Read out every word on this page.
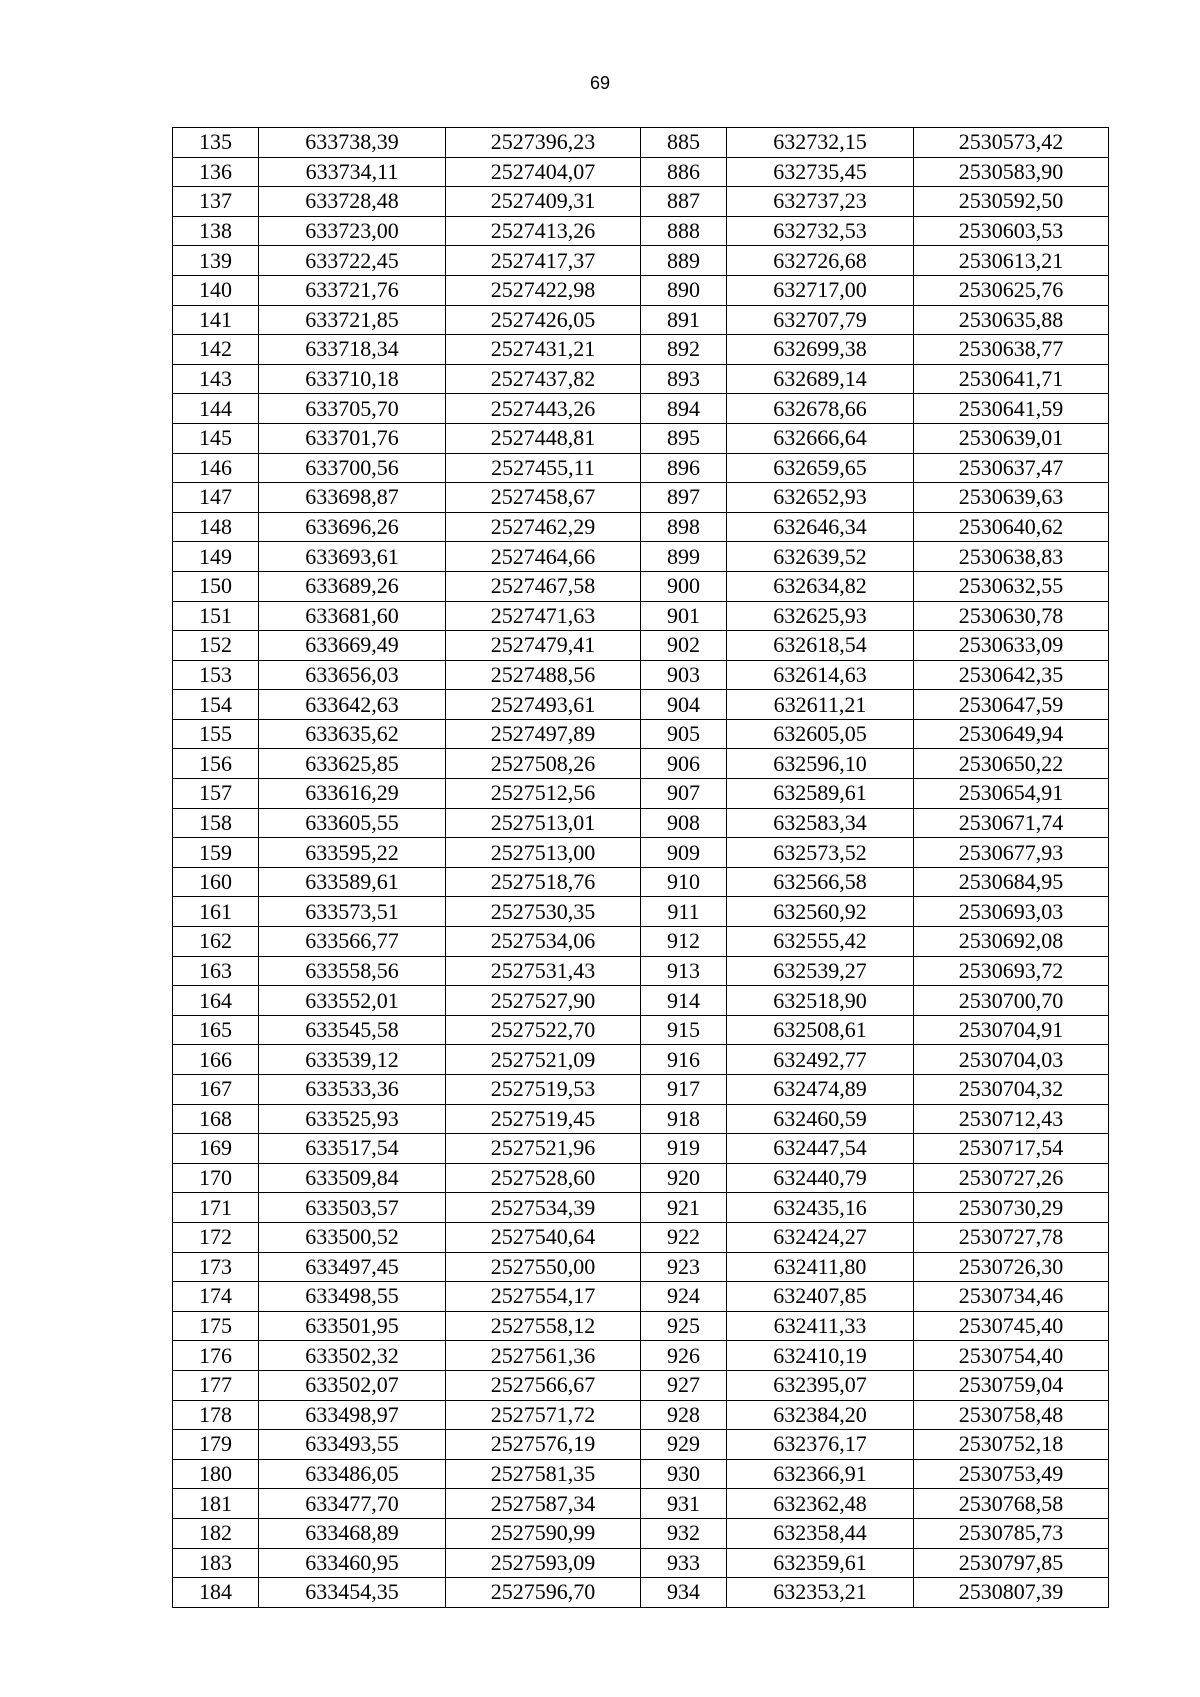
69
135	633738,39	2527396,23	885	632732,15	2530573,42
136	633734,11	2527404,07	886	632735,45	2530583,90
137	633728,48	2527409,31	887	632737,23	2530592,50
138	633723,00	2527413,26	888	632732,53	2530603,53
139	633722,45	2527417,37	889	632726,68	2530613,21
140	633721,76	2527422,98	890	632717,00	2530625,76
141	633721,85	2527426,05	891	632707,79	2530635,88
142	633718,34	2527431,21	892	632699,38	2530638,77
143	633710,18	2527437,82	893	632689,14	2530641,71
144	633705,70	2527443,26	894	632678,66	2530641,59
145	633701,76	2527448,81	895	632666,64	2530639,01
146	633700,56	2527455,11	896	632659,65	2530637,47
147	633698,87	2527458,67	897	632652,93	2530639,63
148	633696,26	2527462,29	898	632646,34	2530640,62
149	633693,61	2527464,66	899	632639,52	2530638,83
150	633689,26	2527467,58	900	632634,82	2530632,55
151	633681,60	2527471,63	901	632625,93	2530630,78
152	633669,49	2527479,41	902	632618,54	2530633,09
153	633656,03	2527488,56	903	632614,63	2530642,35
154	633642,63	2527493,61	904	632611,21	2530647,59
155	633635,62	2527497,89	905	632605,05	2530649,94
156	633625,85	2527508,26	906	632596,10	2530650,22
157	633616,29	2527512,56	907	632589,61	2530654,91
158	633605,55	2527513,01	908	632583,34	2530671,74
159	633595,22	2527513,00	909	632573,52	2530677,93
160	633589,61	2527518,76	910	632566,58	2530684,95
161	633573,51	2527530,35	911	632560,92	2530693,03
162	633566,77	2527534,06	912	632555,42	2530692,08
163	633558,56	2527531,43	913	632539,27	2530693,72
164	633552,01	2527527,90	914	632518,90	2530700,70
165	633545,58	2527522,70	915	632508,61	2530704,91
166	633539,12	2527521,09	916	632492,77	2530704,03
167	633533,36	2527519,53	917	632474,89	2530704,32
168	633525,93	2527519,45	918	632460,59	2530712,43
169	633517,54	2527521,96	919	632447,54	2530717,54
170	633509,84	2527528,60	920	632440,79	2530727,26
171	633503,57	2527534,39	921	632435,16	2530730,29
172	633500,52	2527540,64	922	632424,27	2530727,78
173	633497,45	2527550,00	923	632411,80	2530726,30
174	633498,55	2527554,17	924	632407,85	2530734,46
175	633501,95	2527558,12	925	632411,33	2530745,40
176	633502,32	2527561,36	926	632410,19	2530754,40
177	633502,07	2527566,67	927	632395,07	2530759,04
178	633498,97	2527571,72	928	632384,20	2530758,48
179	633493,55	2527576,19	929	632376,17	2530752,18
180	633486,05	2527581,35	930	632366,91	2530753,49
181	633477,70	2527587,34	931	632362,48	2530768,58
182	633468,89	2527590,99	932	632358,44	2530785,73
183	633460,95	2527593,09	933	632359,61	2530797,85
184	633454,35	2527596,70	934	632353,21	2530807,39
